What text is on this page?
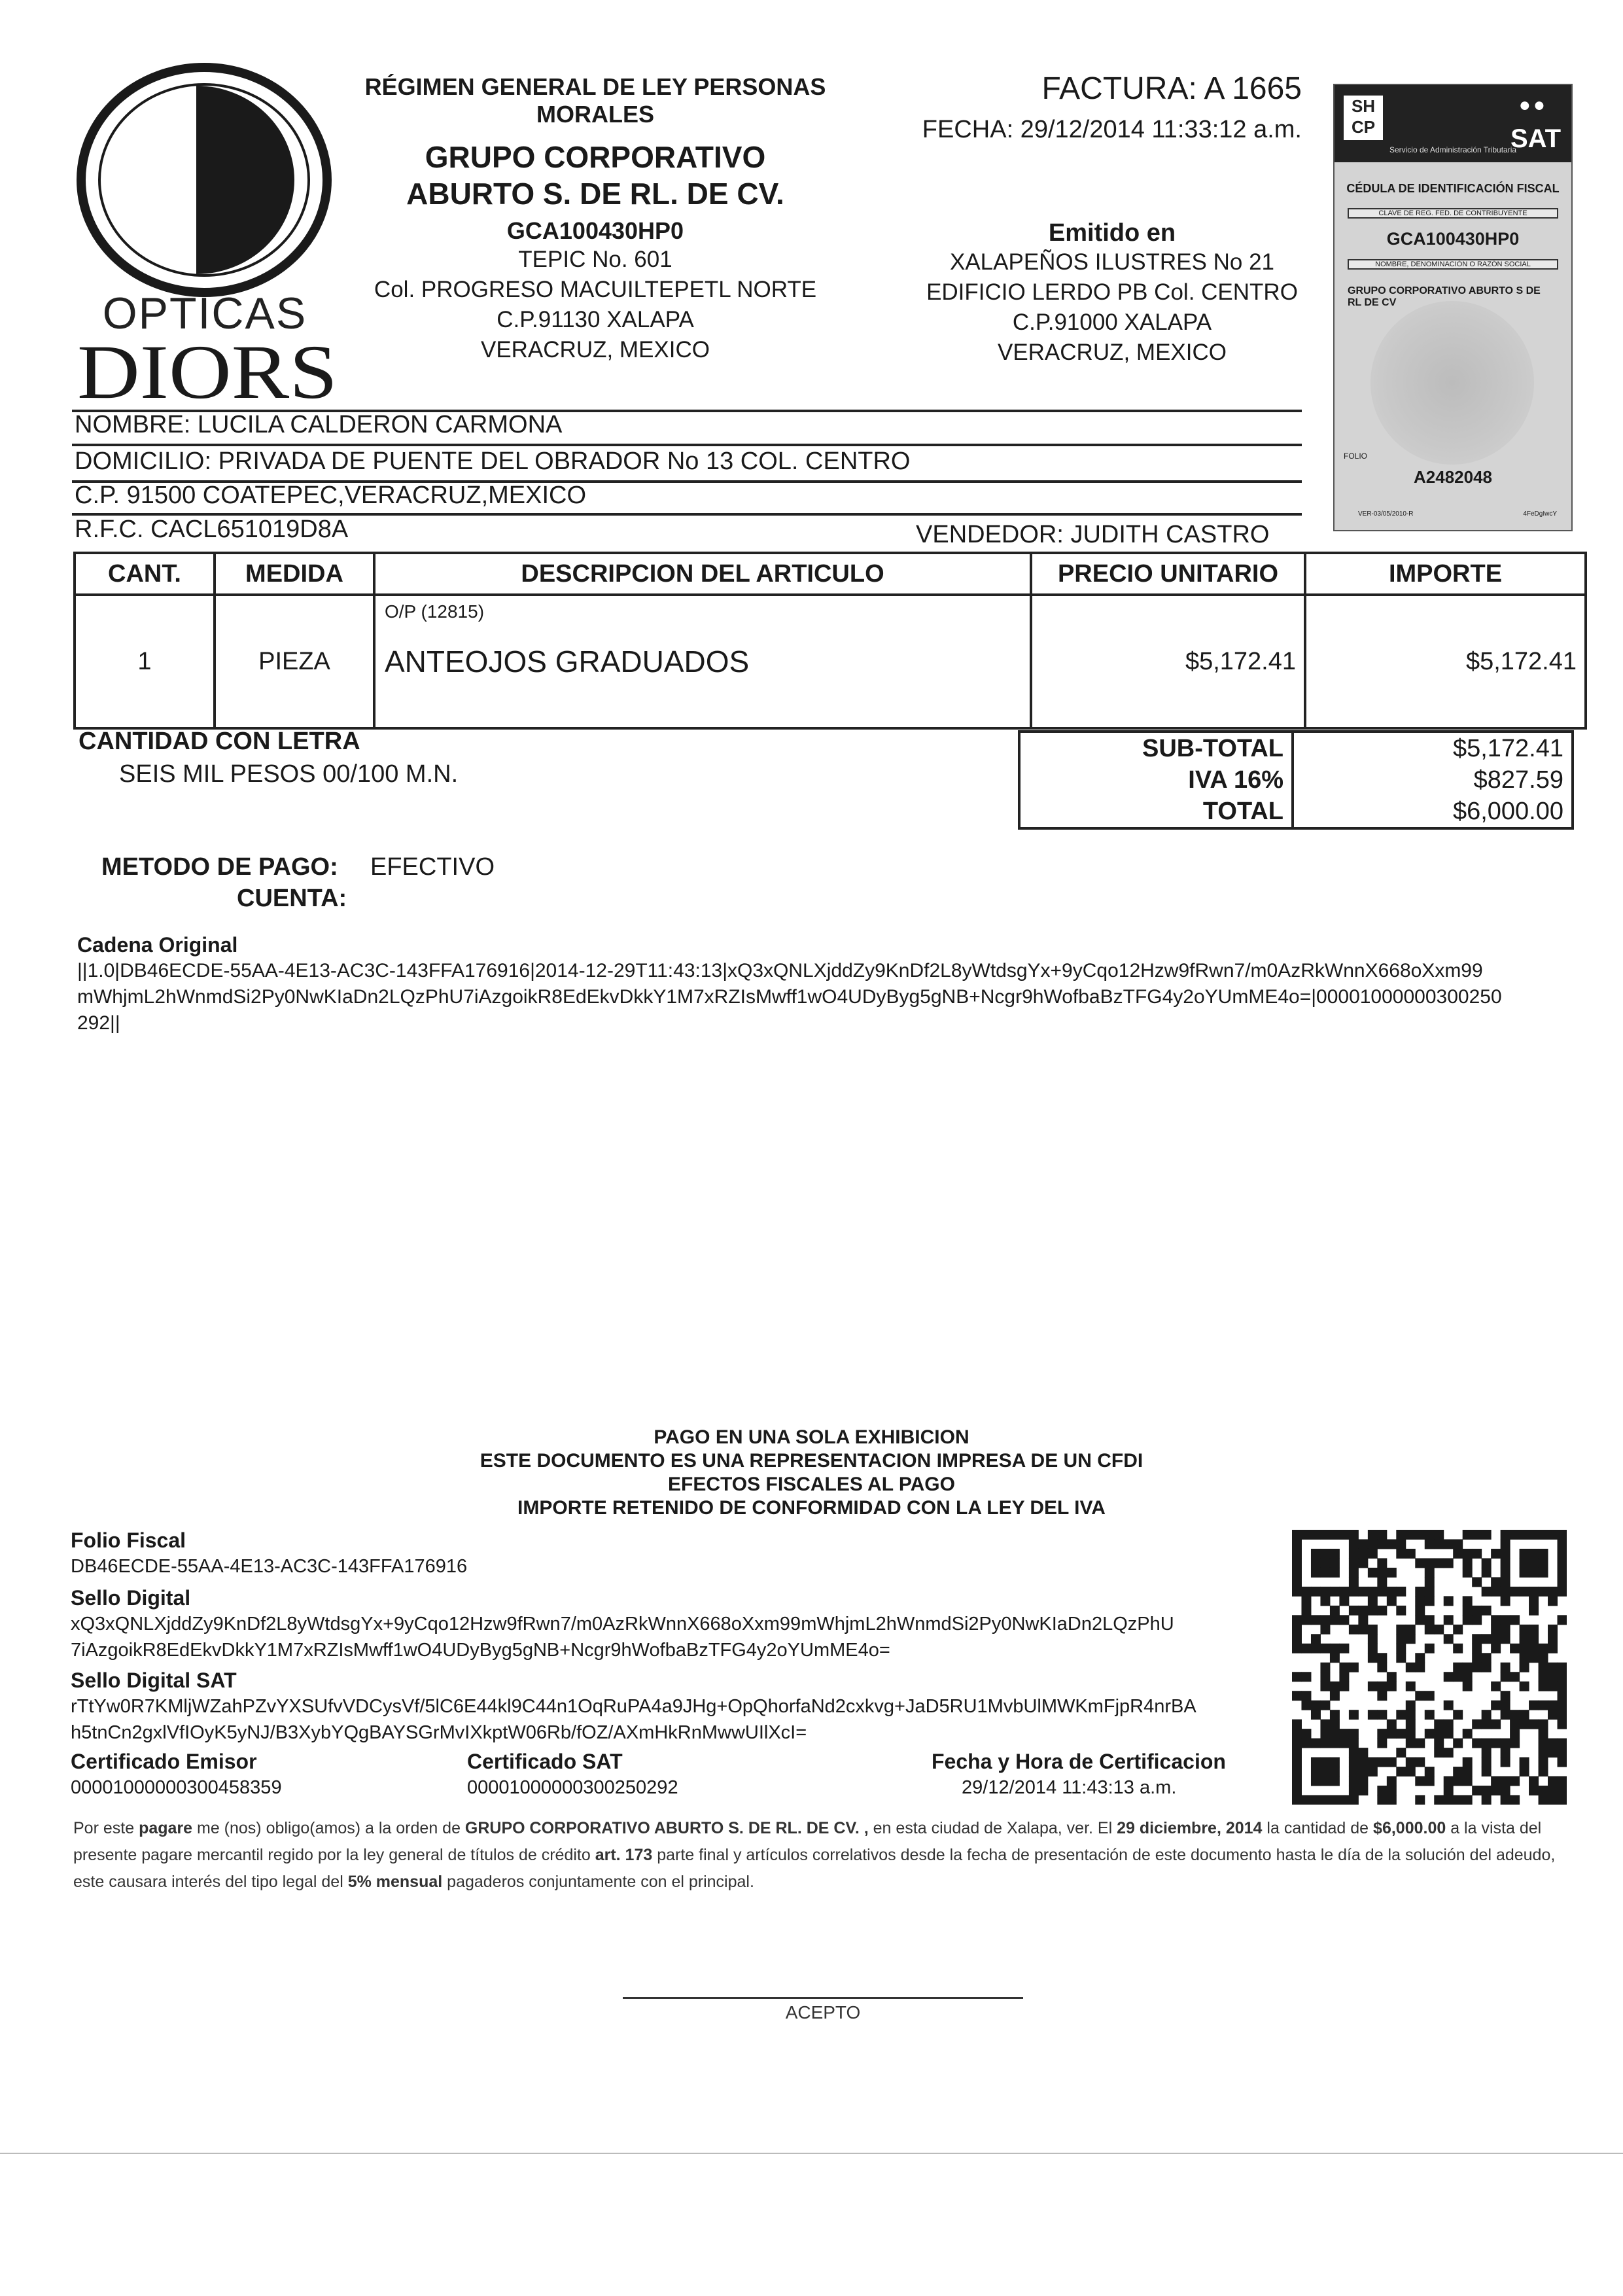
OPTICAS
DIORS
RÉGIMEN GENERAL DE LEY PERSONAS MORALES
GRUPO CORPORATIVO
ABURTO S. DE RL. DE CV.
GCA100430HP0
TEPIC No. 601
Col. PROGRESO MACUILTEPETL NORTE
C.P.91130 XALAPA
VERACRUZ, MEXICO
FACTURA: A 1665
FECHA: 29/12/2014 11:33:12 a.m.
Emitido en
XALAPEÑOS ILUSTRES No 21
EDIFICIO LERDO PB Col. CENTRO
C.P.91000 XALAPA
VERACRUZ, MEXICO
SH CP
●●
SAT
Servicio de Administración Tributaria
CÉDULA DE IDENTIFICACIÓN FISCAL
CLAVE DE REG. FED. DE CONTRIBUYENTE
GCA100430HP0
NOMBRE, DENOMINACIÓN O RAZÓN SOCIAL
GRUPO CORPORATIVO ABURTO S DE RL DE CV
FOLIO
A2482048
VER-03/05/2010-R	4FeDgIwcY
NOMBRE: LUCILA CALDERON CARMONA
DOMICILIO: PRIVADA DE PUENTE DEL OBRADOR No 13 COL. CENTRO
C.P. 91500 COATEPEC,VERACRUZ,MEXICO
R.F.C. CACL651019D8A	VENDEDOR: JUDITH CASTRO
CANT.	MEDIDA	DESCRIPCION DEL ARTICULO	PRECIO UNITARIO	IMPORTE
1	PIEZA	O/P (12815)
ANTEOJOS GRADUADOS	$5,172.41	$5,172.41
CANTIDAD CON LETRA
SEIS MIL PESOS 00/100 M.N.
SUB-TOTAL	$5,172.41
IVA 16%	$827.59
TOTAL	$6,000.00
METODO DE PAGO: EFECTIVO
CUENTA:
Cadena Original
||1.0|DB46ECDE-55AA-4E13-AC3C-143FFA176916|2014-12-29T11:43:13|xQ3xQNLXjddZy9KnDf2L8yWtdsgYx+9yCqo12Hzw9fRwn7/m0AzRkWnnX668oXxm99
mWhjmL2hWnmdSi2Py0NwKIaDn2LQzPhU7iAzgoikR8EdEkvDkkY1M7xRZIsMwff1wO4UDyByg5gNB+Ncgr9hWofbaBzTFG4y2oYUmME4o=|00001000000300250
292||
PAGO EN UNA SOLA EXHIBICION
ESTE DOCUMENTO ES UNA REPRESENTACION IMPRESA DE UN CFDI
EFECTOS FISCALES AL PAGO
IMPORTE RETENIDO DE CONFORMIDAD CON LA LEY DEL IVA
Folio Fiscal
DB46ECDE-55AA-4E13-AC3C-143FFA176916
Sello Digital
xQ3xQNLXjddZy9KnDf2L8yWtdsgYx+9yCqo12Hzw9fRwn7/m0AzRkWnnX668oXxm99mWhjmL2hWnmdSi2Py0NwKIaDn2LQzPhU
7iAzgoikR8EdEkvDkkY1M7xRZIsMwff1wO4UDyByg5gNB+Ncgr9hWofbaBzTFG4y2oYUmME4o=
Sello Digital SAT
rTtYw0R7KMljWZahPZvYXSUfvVDCysVf/5lC6E44kl9C44n1OqRuPA4a9JHg+OpQhorfaNd2cxkvg+JaD5RU1MvbUlMWKmFjpR4nrBA
h5tnCn2gxlVfIOyK5yNJ/B3XybYQgBAYSGrMvIXkptW06Rb/fOZ/AXmHkRnMwwUIlXcI=
Certificado Emisor
00001000000300458359
Certificado SAT
00001000000300250292
Fecha y Hora de Certificacion
29/12/2014 11:43:13 a.m.
Por este pagare me (nos) obligo(amos) a la orden de GRUPO CORPORATIVO ABURTO S. DE RL. DE CV. , en esta ciudad de Xalapa, ver. El 29 diciembre, 2014 la cantidad de $6,000.00 a la vista del presente pagare mercantil regido por la ley general de títulos de crédito art. 173 parte final y artículos correlativos desde la fecha de presentación de este documento hasta le día de la solución del adeudo, este causara interés del tipo legal del 5% mensual pagaderos conjuntamente con el principal.
ACEPTO
